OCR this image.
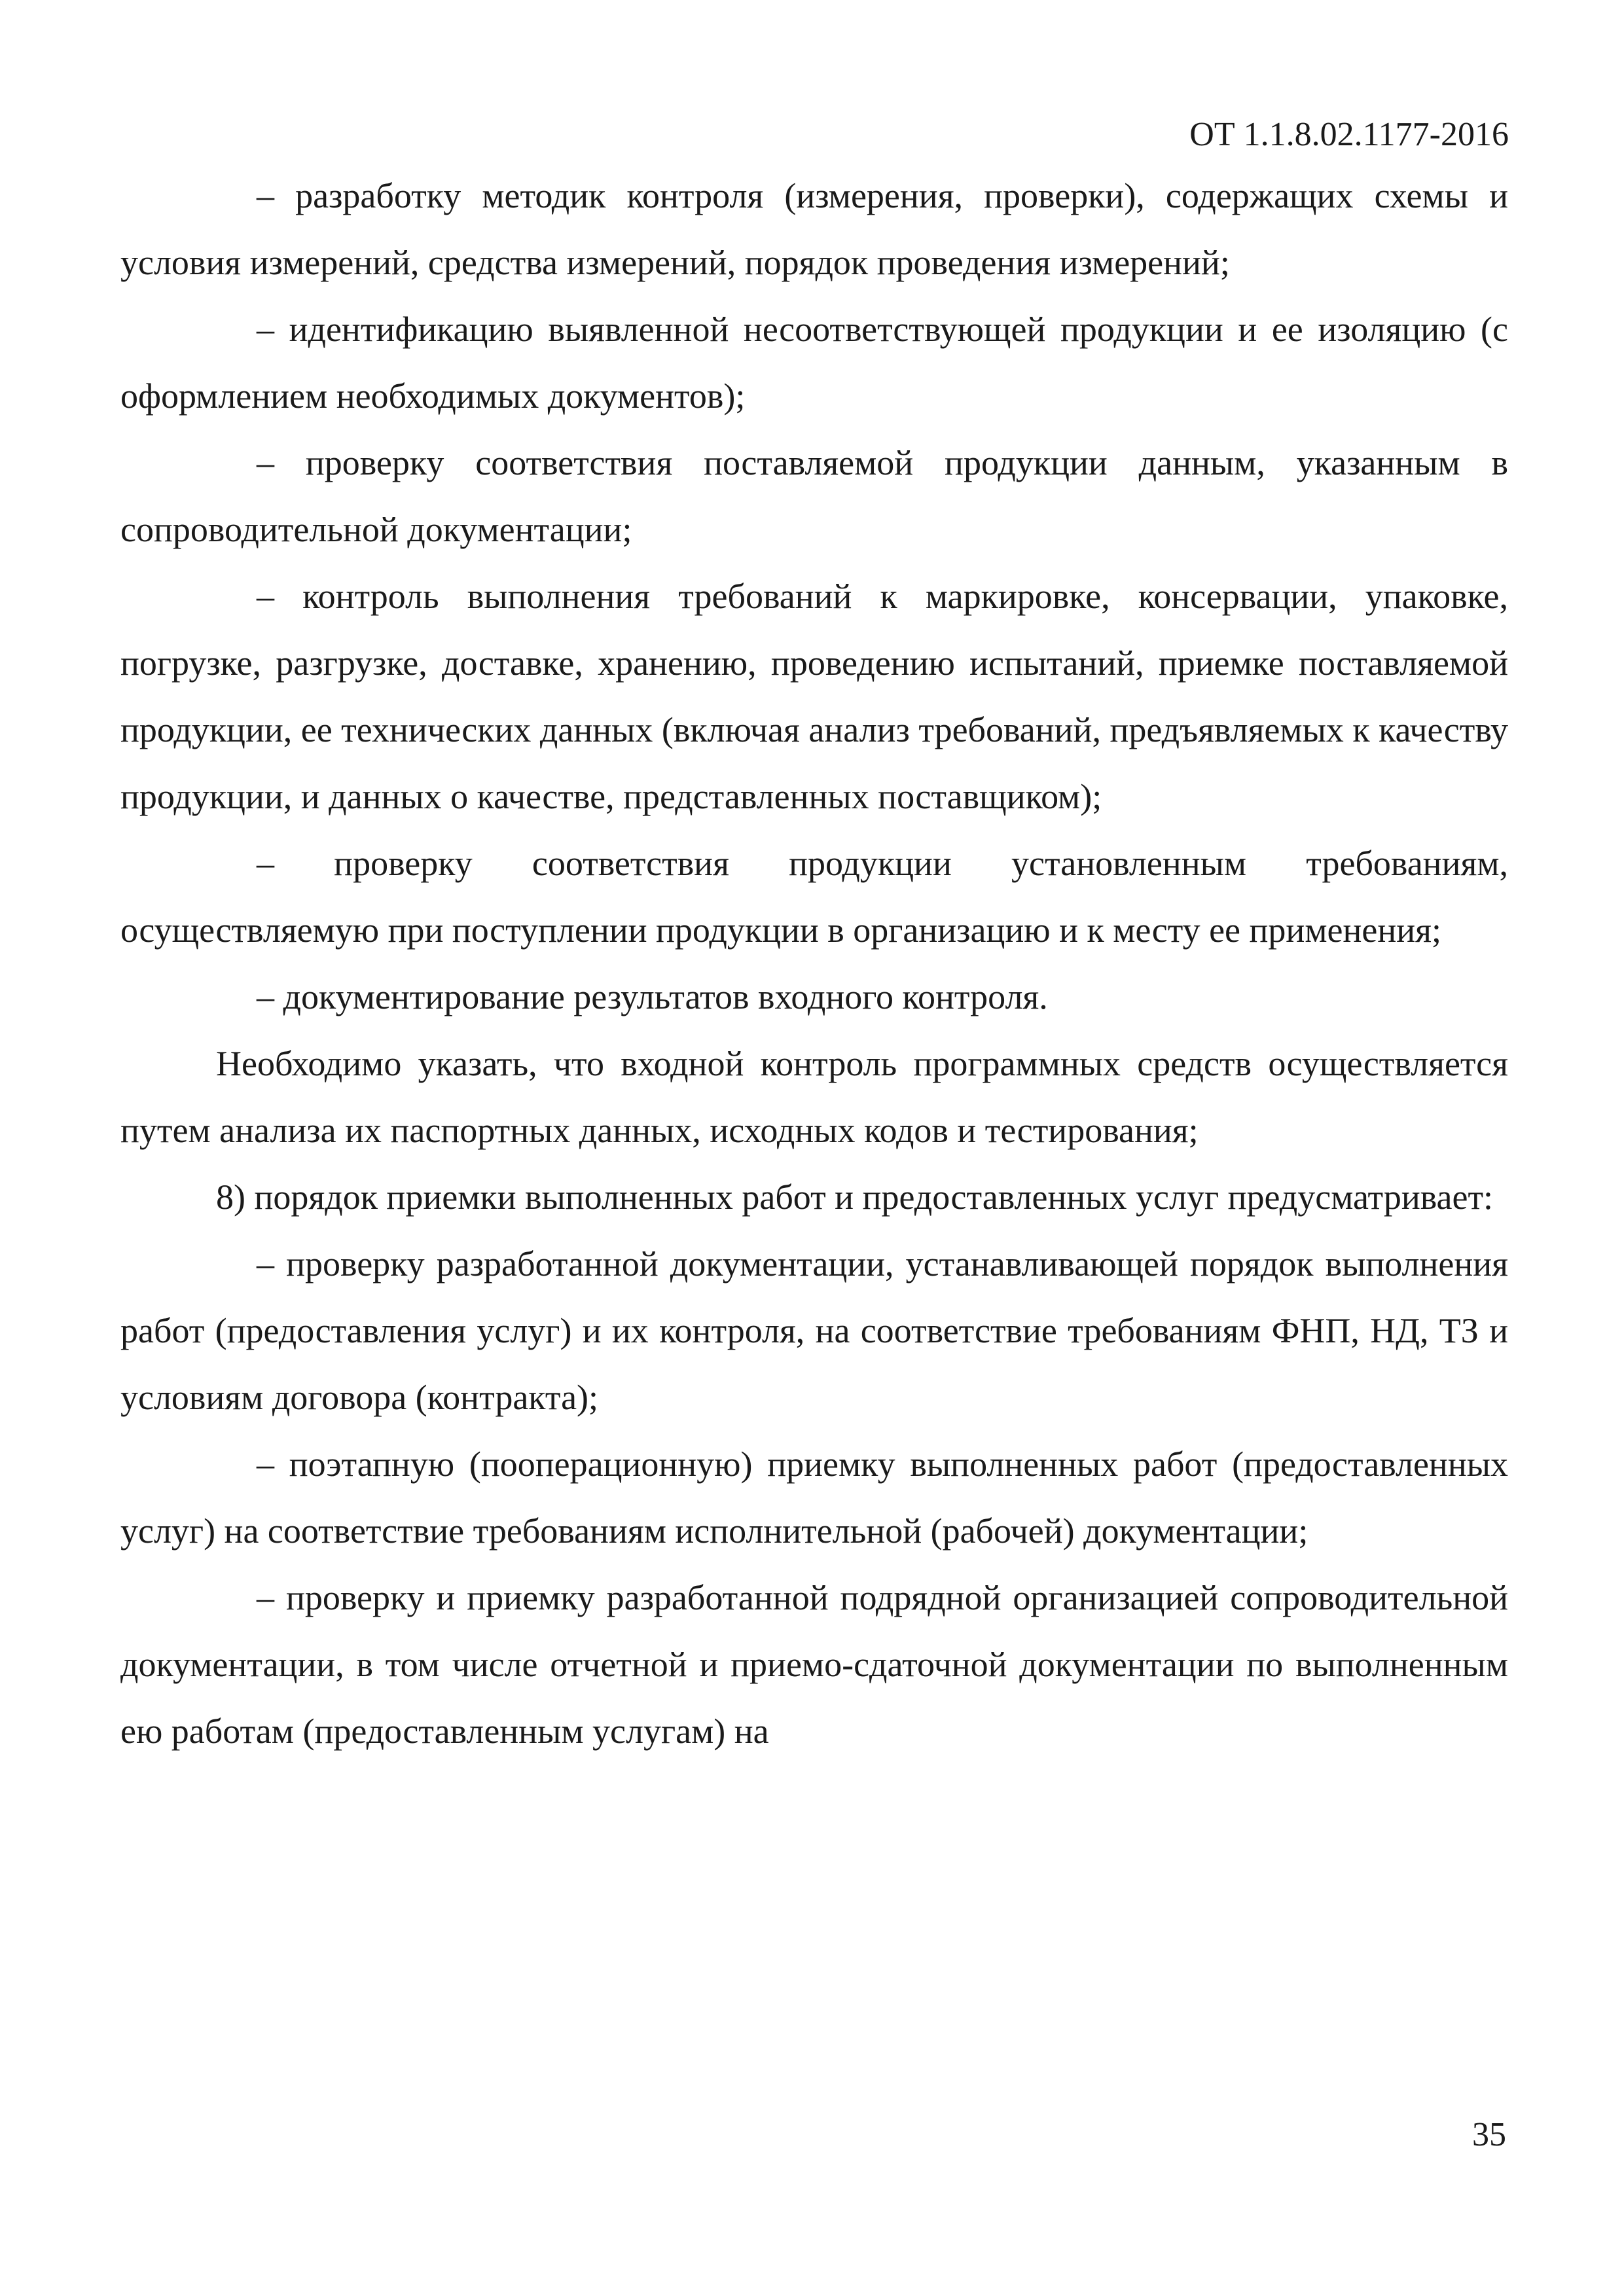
ОТ 1.1.8.02.1177-2016

– разработку методик контроля (измерения, проверки), содержащих схемы и условия измерений, средства измерений, порядок проведения измерений;

– идентификацию выявленной несоответствующей продукции и ее изоляцию (с оформлением необходимых документов);

– проверку соответствия поставляемой продукции данным, указанным в сопроводительной документации;

– контроль выполнения требований к маркировке, консервации, упаковке, погрузке, разгрузке, доставке, хранению, проведению испытаний, приемке поставляемой продукции, ее технических данных (включая анализ требований, предъявляемых к качеству продукции, и данных о качестве, представленных поставщиком);

– проверку соответствия продукции установленным требованиям, осуществляемую при поступлении продукции в организацию и к месту ее применения;

– документирование результатов входного контроля.

Необходимо указать, что входной контроль программных средств осуществляется путем анализа их паспортных данных, исходных кодов и тестирования;

8) порядок приемки выполненных работ и предоставленных услуг предусматривает:

– проверку разработанной документации, устанавливающей порядок выполнения работ (предоставления услуг) и их контроля, на соответствие требованиям ФНП, НД, ТЗ и условиям договора (контракта);

– поэтапную (пооперационную) приемку выполненных работ (предоставленных услуг) на соответствие требованиям исполнительной (рабочей) документации;

– проверку и приемку разработанной подрядной организацией сопроводительной документации, в том числе отчетной и приемо-сдаточной документации по выполненным ею работам (предоставленным услугам) на

35
